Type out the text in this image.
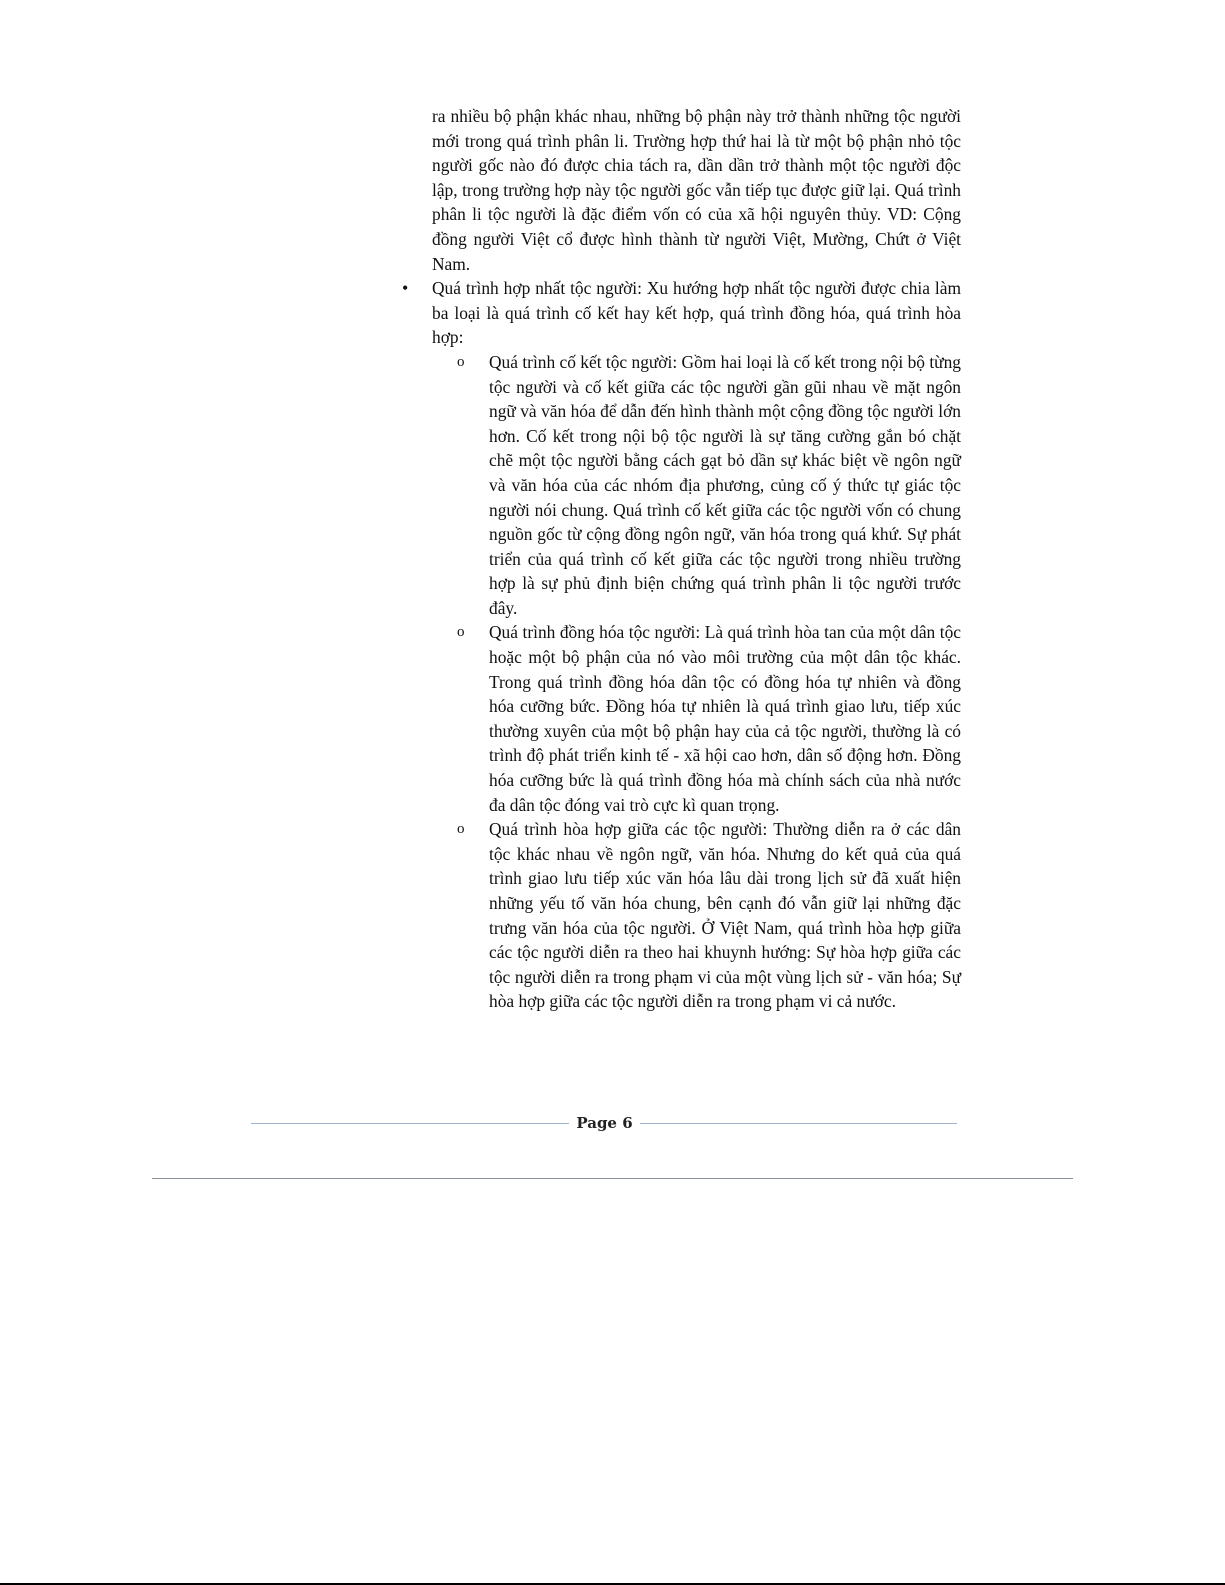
ra nhiều bộ phận khác nhau, những bộ phận này trở thành những tộc người mới trong quá trình phân li. Trường hợp thứ hai là từ một bộ phận nhỏ tộc người gốc nào đó được chia tách ra, dần dần trở thành một tộc người độc lập, trong trường hợp này tộc người gốc vẫn tiếp tục được giữ lại. Quá trình phân li tộc người là đặc điểm vốn có của xã hội nguyên thủy. VD: Cộng đồng người Việt cổ được hình thành từ người Việt, Mường, Chứt ở Việt Nam.

• Quá trình hợp nhất tộc người: Xu hướng hợp nhất tộc người được chia làm ba loại là quá trình cố kết hay kết hợp, quá trình đồng hóa, quá trình hòa hợp:

o Quá trình cố kết tộc người: Gồm hai loại là cố kết trong nội bộ từng tộc người và cố kết giữa các tộc người gần gũi nhau về mặt ngôn ngữ và văn hóa để dẫn đến hình thành một cộng đồng tộc người lớn hơn. Cố kết trong nội bộ tộc người là sự tăng cường gắn bó chặt chẽ một tộc người bằng cách gạt bỏ dần sự khác biệt về ngôn ngữ và văn hóa của các nhóm địa phương, củng cố ý thức tự giác tộc người nói chung. Quá trình cố kết giữa các tộc người vốn có chung nguồn gốc từ cộng đồng ngôn ngữ, văn hóa trong quá khứ. Sự phát triển của quá trình cố kết giữa các tộc người trong nhiều trường hợp là sự phủ định biện chứng quá trình phân li tộc người trước đây.

o Quá trình đồng hóa tộc người: Là quá trình hòa tan của một dân tộc hoặc một bộ phận của nó vào môi trường của một dân tộc khác. Trong quá trình đồng hóa dân tộc có đồng hóa tự nhiên và đồng hóa cưỡng bức. Đồng hóa tự nhiên là quá trình giao lưu, tiếp xúc thường xuyên của một bộ phận hay của cả tộc người, thường là có trình độ phát triển kinh tế - xã hội cao hơn, dân số động hơn. Đồng hóa cưỡng bức là quá trình đồng hóa mà chính sách của nhà nước đa dân tộc đóng vai trò cực kì quan trọng.

o Quá trình hòa hợp giữa các tộc người: Thường diễn ra ở các dân tộc khác nhau về ngôn ngữ, văn hóa. Nhưng do kết quả của quá trình giao lưu tiếp xúc văn hóa lâu dài trong lịch sử đã xuất hiện những yếu tố văn hóa chung, bên cạnh đó vẫn giữ lại những đặc trưng văn hóa của tộc người. Ở Việt Nam, quá trình hòa hợp giữa các tộc người diễn ra theo hai khuynh hướng: Sự hòa hợp giữa các tộc người diễn ra trong phạm vi của một vùng lịch sử - văn hóa; Sự hòa hợp giữa các tộc người diễn ra trong phạm vi cả nước.

Page 6
